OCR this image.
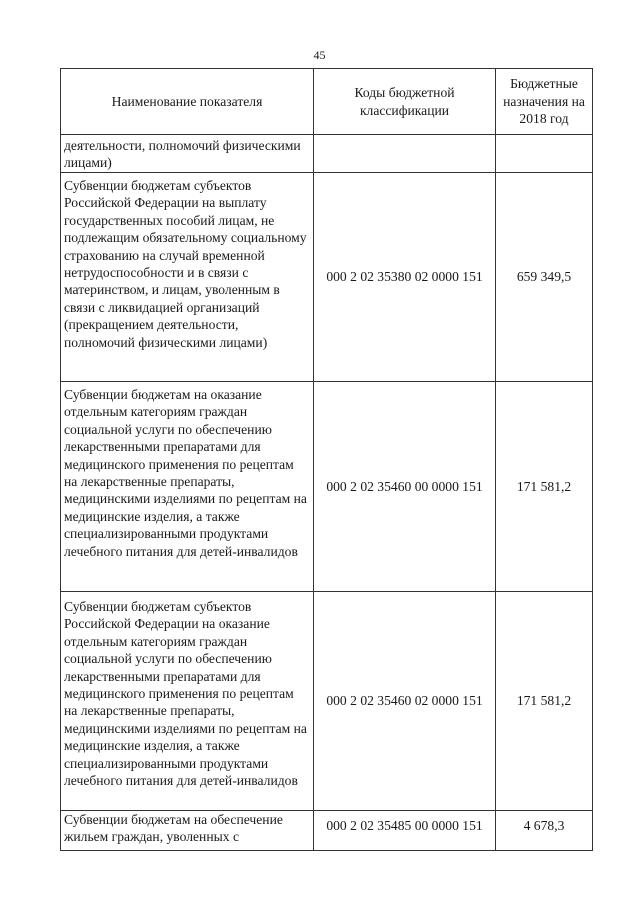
45
Наименование показателя	Коды бюджетной классификации	Бюджетные назначения на 2018 год
деятельности, полномочий физическими лицами)		
Субвенции бюджетам субъектов Российской Федерации на выплату государственных пособий лицам, не подлежащим обязательному социальному страхованию на случай временной нетрудоспособности и в связи с материнством, и лицам, уволенным в связи с ликвидацией организаций (прекращением деятельности, полномочий физическими лицами)	000 2 02 35380 02 0000 151	659 349,5
Субвенции бюджетам на оказание отдельным категориям граждан социальной услуги по обеспечению лекарственными препаратами для медицинского применения по рецептам на лекарственные препараты, медицинскими изделиями по рецептам на медицинские изделия, а также специализированными продуктами лечебного питания для детей-инвалидов	000 2 02 35460 00 0000 151	171 581,2
Субвенции бюджетам субъектов Российской Федерации на оказание отдельным категориям граждан социальной услуги по обеспечению лекарственными препаратами для медицинского применения по рецептам на лекарственные препараты, медицинскими изделиями по рецептам на медицинские изделия, а также специализированными продуктами лечебного питания для детей-инвалидов	000 2 02 35460 02 0000 151	171 581,2
Субвенции бюджетам на обеспечение жильем граждан, уволенных с	000 2 02 35485 00 0000 151	4 678,3
